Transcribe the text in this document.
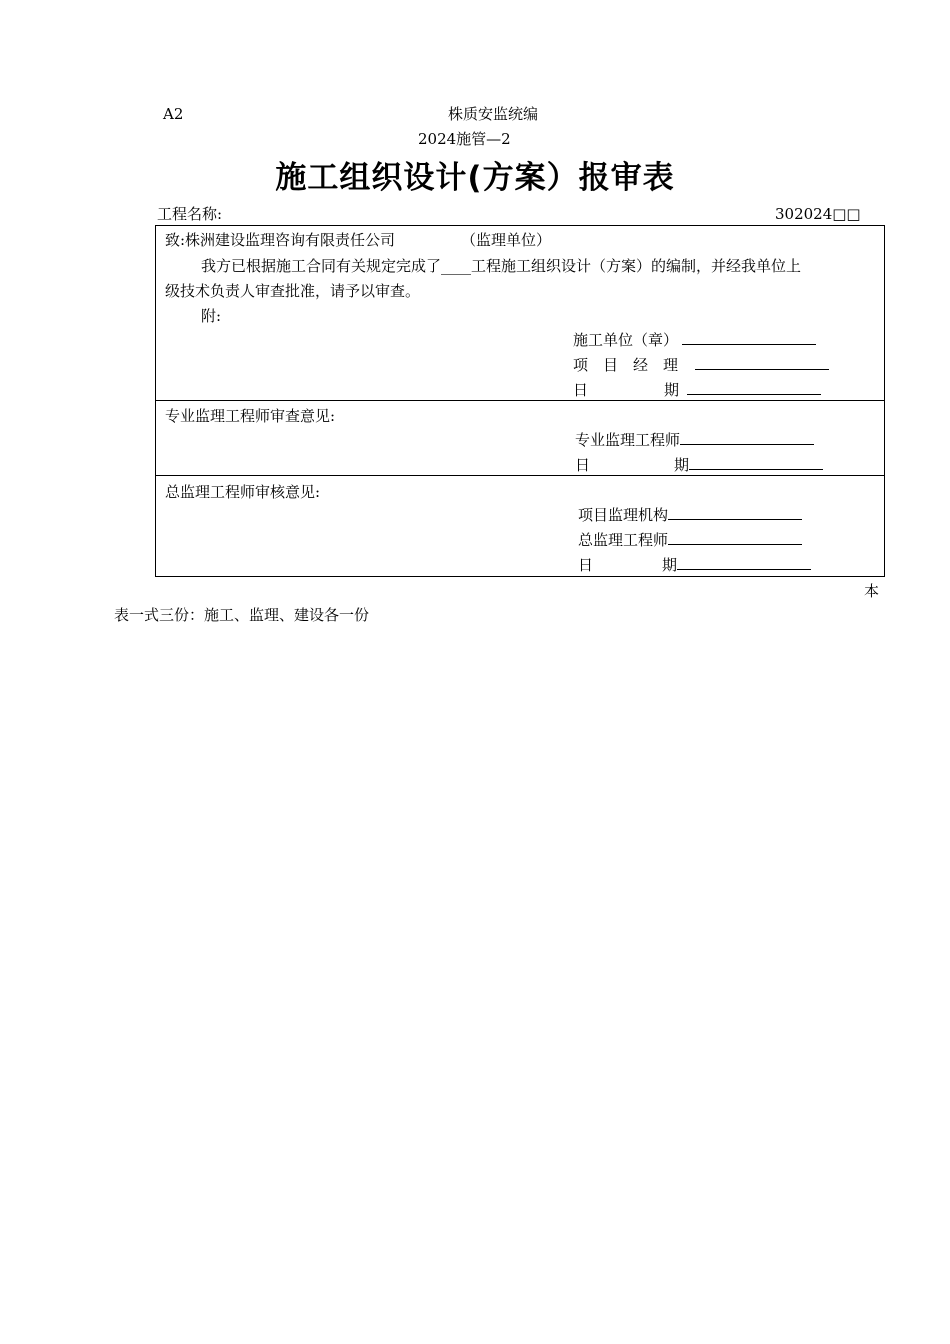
A2	株质安监统编
2024施管—2
施工组织设计(方案）报审表
工程名称:	302024□□
致:株洲建设监理咨询有限责任公司	（监理单位）
我方已根据施工合同有关规定完成了____工程施工组织设计（方案）的编制，并经我单位上
级技术负责人审查批准，请予以审查。
附:
施工单位（章）
项　目　经　理
日	期
专业监理工程师审查意见:
专业监理工程师
日	期
总监理工程师审核意见:
项目监理机构
总监理工程师
日	期
本
表一式三份：施工、监理、建设各一份
